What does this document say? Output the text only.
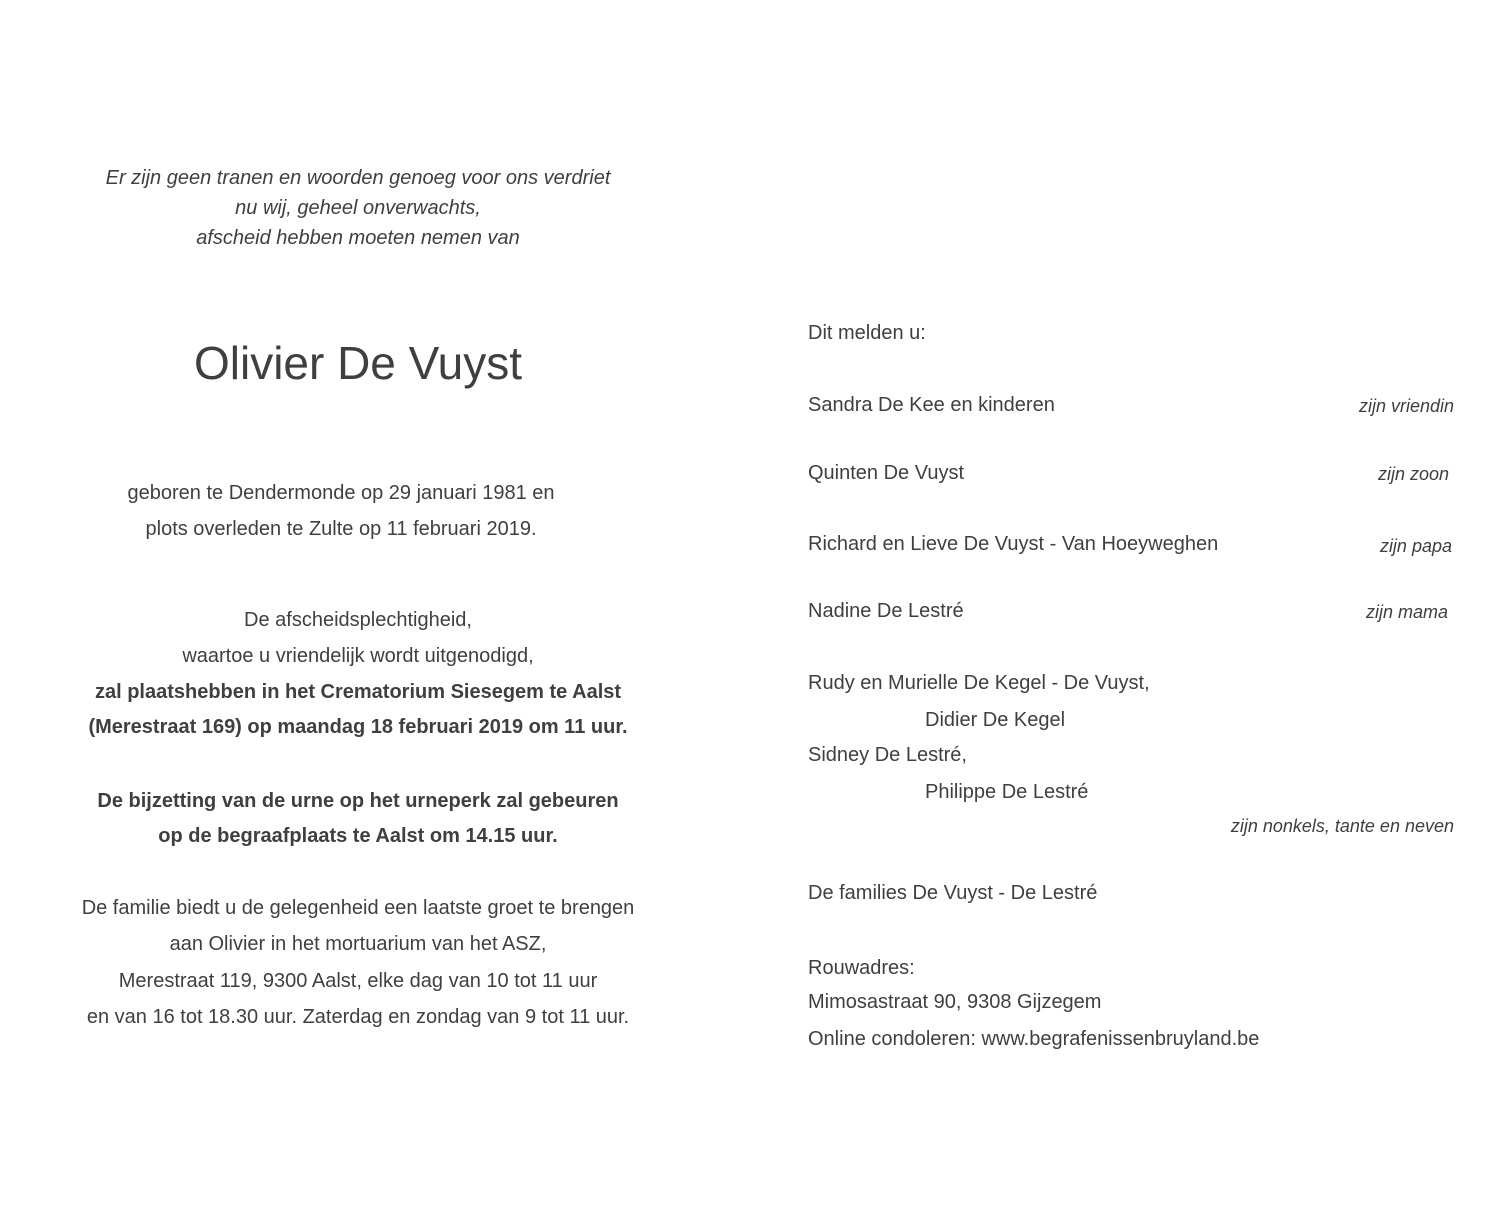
Er zijn geen tranen en woorden genoeg voor ons verdriet
nu wij, geheel onverwachts,
afscheid hebben moeten nemen van
Olivier De Vuyst
geboren te Dendermonde op 29 januari 1981 en
plots overleden te Zulte op 11 februari 2019.
De afscheidsplechtigheid,
waartoe u vriendelijk wordt uitgenodigd,
zal plaatshebben in het Crematorium Siesegem te Aalst
(Merestraat 169) op maandag 18 februari 2019 om 11 uur.
De bijzetting van de urne op het urneperk zal gebeuren
op de begraafplaats te Aalst om 14.15 uur.
De familie biedt u de gelegenheid een laatste groet te brengen
aan Olivier in het mortuarium van het ASZ,
Merestraat 119, 9300 Aalst, elke dag van 10 tot 11 uur
en van 16 tot 18.30 uur. Zaterdag en zondag van 9 tot 11 uur.
Dit melden u:
Sandra De Kee en kinderen	zijn vriendin
Quinten De Vuyst	zijn zoon
Richard en Lieve De Vuyst - Van Hoeyweghen	zijn papa
Nadine De Lestré	zijn mama
Rudy en Murielle De Kegel - De Vuyst,
Didier De Kegel
Sidney De Lestré,
Philippe De Lestré
zijn nonkels, tante en neven
De families De Vuyst - De Lestré
Rouwadres:
Mimosastraat 90, 9308 Gijzegem
Online condoleren: www.begrafenissenbruyland.be
